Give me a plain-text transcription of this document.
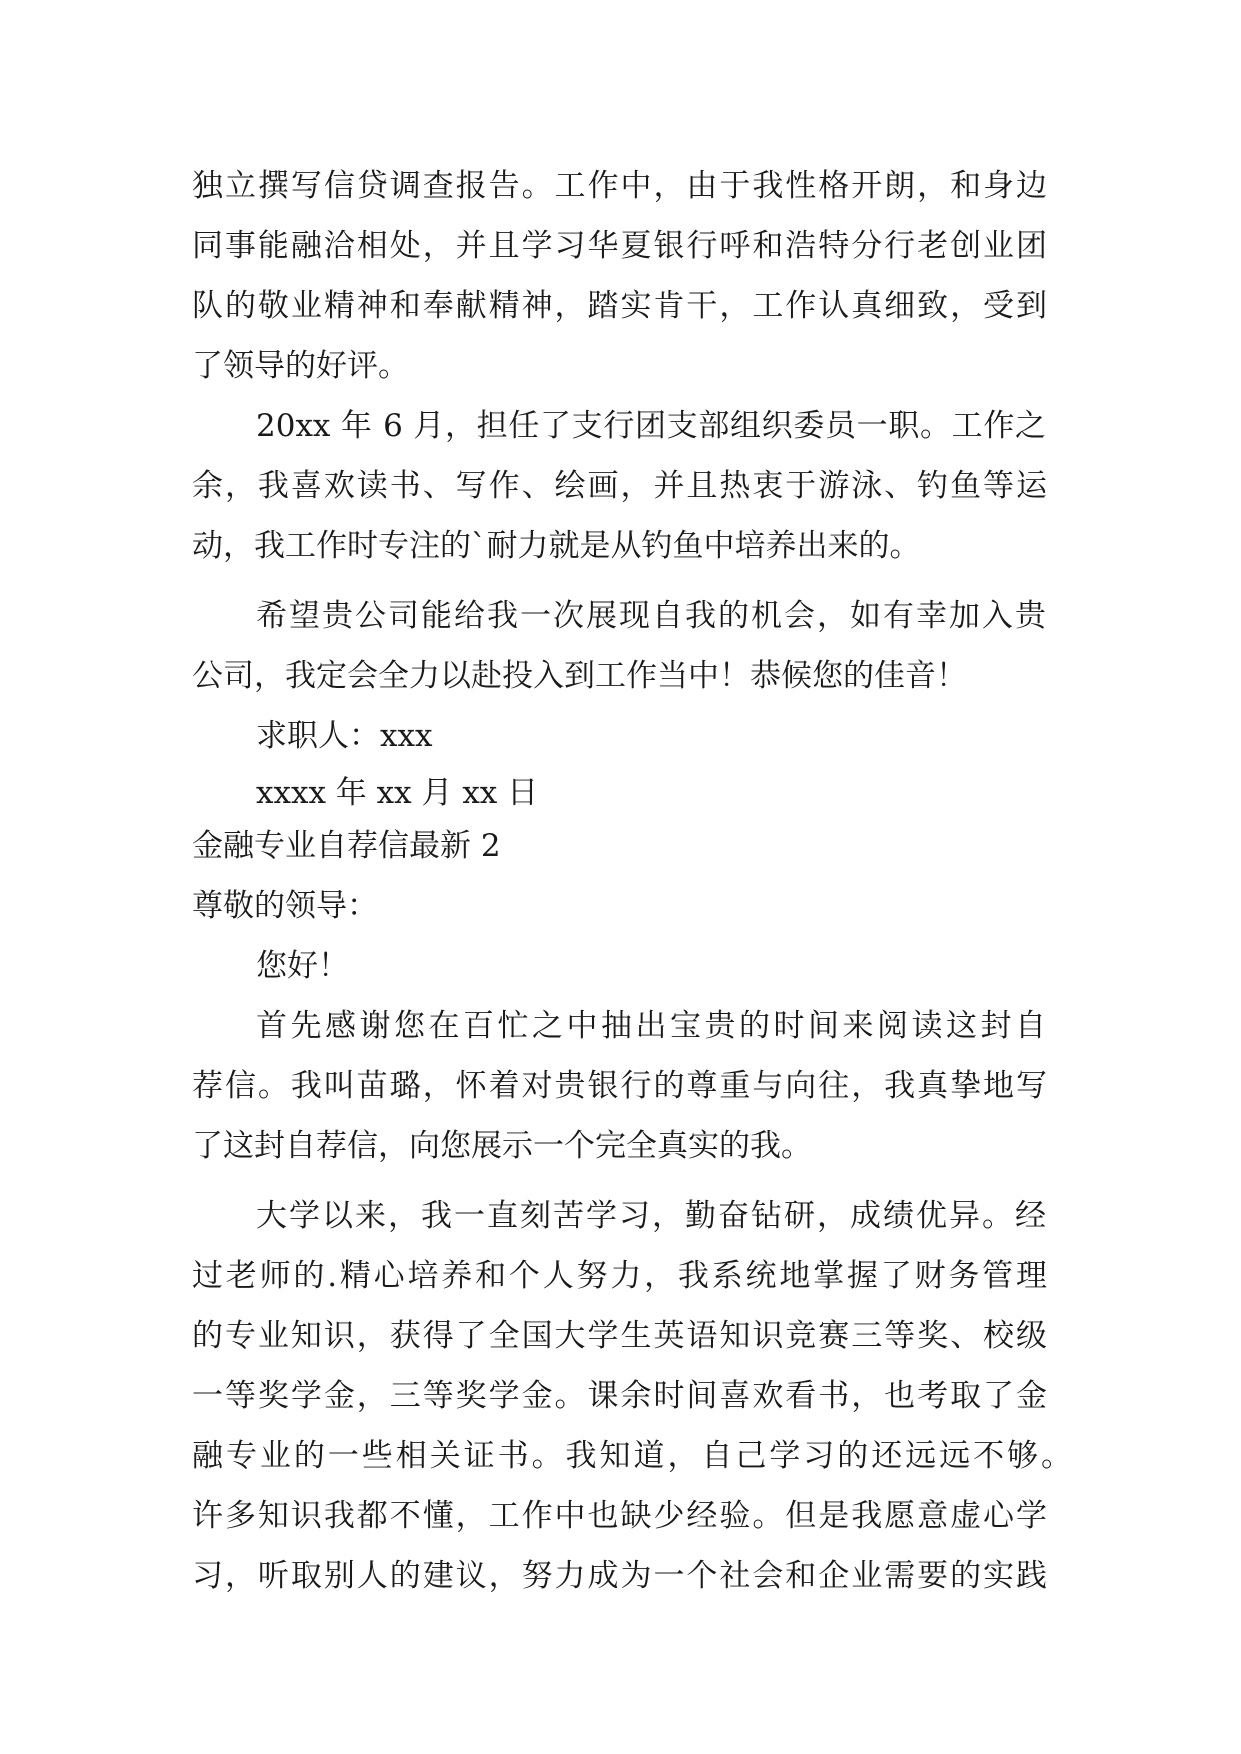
独立撰写信贷调查报告。工作中，由于我性格开朗，和身边
同事能融洽相处，并且学习华夏银行呼和浩特分行老创业团
队的敬业精神和奉献精神，踏实肯干，工作认真细致，受到
了领导的好评。
20xx 年 6 月，担任了支行团支部组织委员一职。工作之
余，我喜欢读书、写作、绘画，并且热衷于游泳、钓鱼等运
动，我工作时专注的`耐力就是从钓鱼中培养出来的。
希望贵公司能给我一次展现自我的机会，如有幸加入贵
公司，我定会全力以赴投入到工作当中！恭候您的佳音！
求职人：xxx
xxxx 年 xx 月 xx 日
金融专业自荐信最新 2
尊敬的领导：
您好！
首先感谢您在百忙之中抽出宝贵的时间来阅读这封自
荐信。我叫苗璐，怀着对贵银行的尊重与向往，我真挚地写
了这封自荐信，向您展示一个完全真实的我。
大学以来，我一直刻苦学习，勤奋钻研，成绩优异。经
过老师的.精心培养和个人努力，我系统地掌握了财务管理
的专业知识，获得了全国大学生英语知识竞赛三等奖、校级
一等奖学金，三等奖学金。课余时间喜欢看书，也考取了金
融专业的一些相关证书。我知道，自己学习的还远远不够。
许多知识我都不懂，工作中也缺少经验。但是我愿意虚心学
习，听取别人的建议，努力成为一个社会和企业需要的实践
